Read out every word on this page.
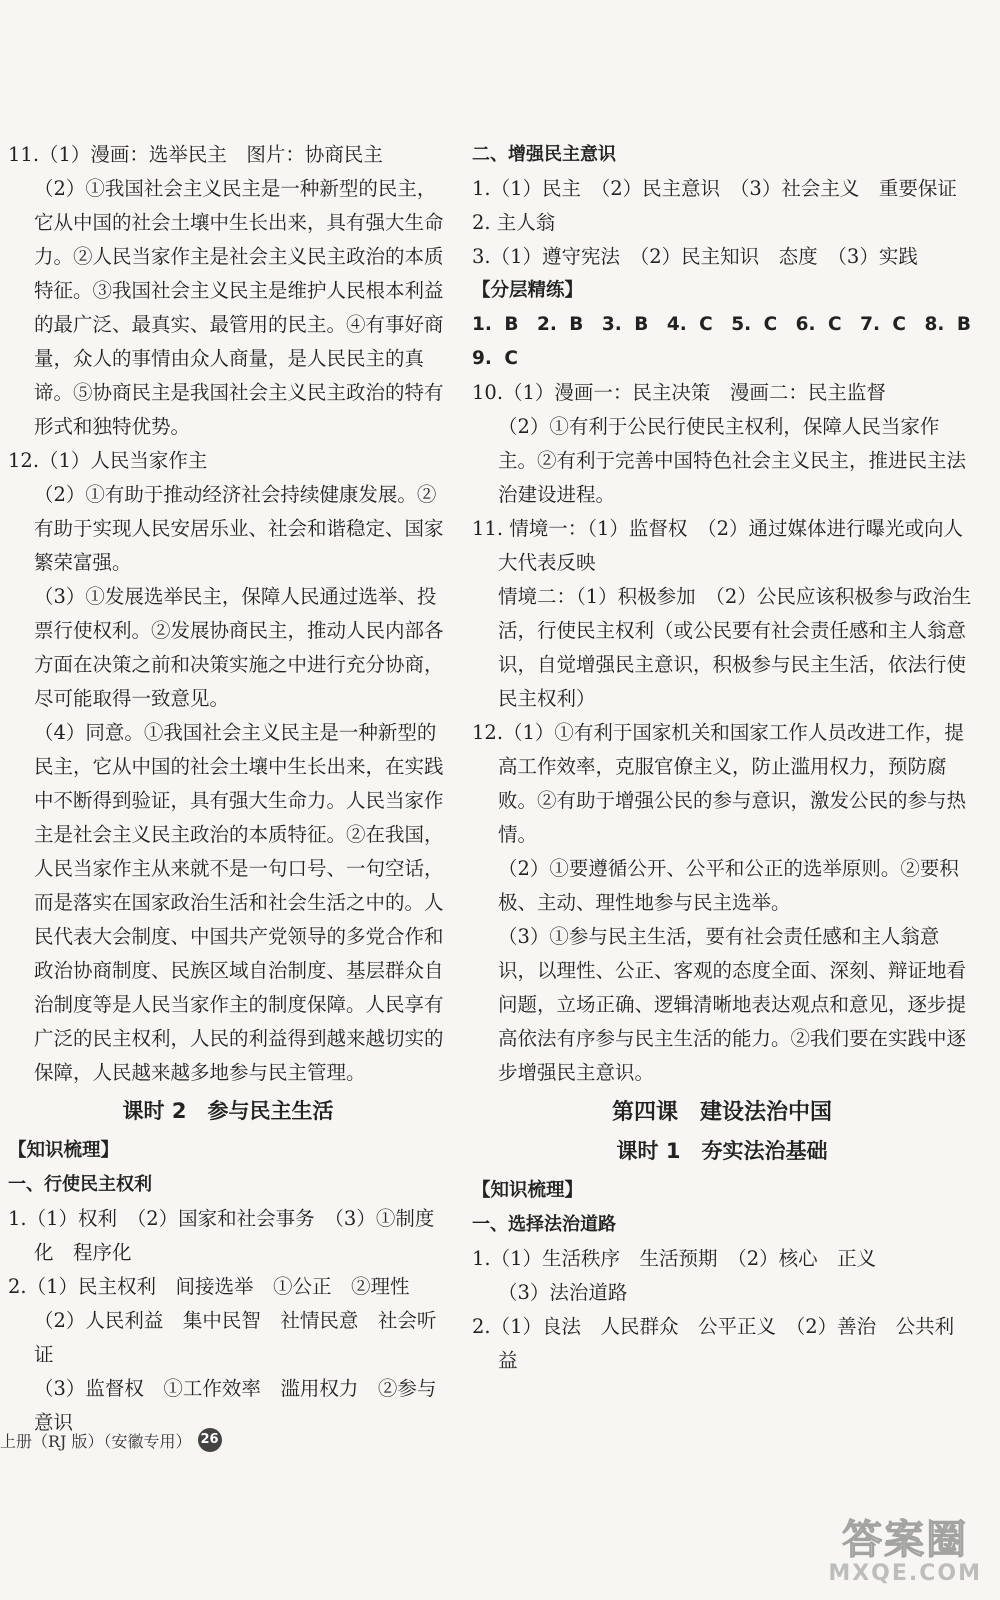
11.（1）漫画：选举民主　图片：协商民主

（2）①我国社会主义民主是一种新型的民主，它从中国的社会土壤中生长出来，具有强大生命力。②人民当家作主是社会主义民主政治的本质特征。③我国社会主义民主是维护人民根本利益的最广泛、最真实、最管用的民主。④有事好商量，众人的事情由众人商量，是人民民主的真谛。⑤协商民主是我国社会主义民主政治的特有形式和独特优势。

12.（1）人民当家作主

（2）①有助于推动经济社会持续健康发展。②有助于实现人民安居乐业、社会和谐稳定、国家繁荣富强。

（3）①发展选举民主，保障人民通过选举、投票行使权利。②发展协商民主，推动人民内部各方面在决策之前和决策实施之中进行充分协商，尽可能取得一致意见。

（4）同意。①我国社会主义民主是一种新型的民主，它从中国的社会土壤中生长出来，在实践中不断得到验证，具有强大生命力。人民当家作主是社会主义民主政治的本质特征。②在我国，人民当家作主从来就不是一句口号、一句空话，而是落实在国家政治生活和社会生活之中的。人民代表大会制度、中国共产党领导的多党合作和政治协商制度、民族区域自治制度、基层群众自治制度等是人民当家作主的制度保障。人民享有广泛的民主权利，人民的利益得到越来越切实的保障，人民越来越多地参与民主管理。

课时 2　参与民主生活

【知识梳理】

一、行使民主权利

1.（1）权利　（2）国家和社会事务　（3）①制度化　程序化

2.（1）民主权利　间接选举　①公正　②理性

（2）人民利益　集中民智　社情民意　社会听证

（3）监督权　①工作效率　滥用权力　②参与意识

二、增强民主意识

1.（1）民主　（2）民主意识　（3）社会主义　重要保证

2. 主人翁

3.（1）遵守宪法　（2）民主知识　态度　（3）实践

【分层精练】

1. B　2. B　3. B　4. C　5. C　6. C　7. C　8. B

9. C

10.（1）漫画一：民主决策　漫画二：民主监督

（2）①有利于公民行使民主权利，保障人民当家作主。②有利于完善中国特色社会主义民主，推进民主法治建设进程。

11. 情境一：（1）监督权　（2）通过媒体进行曝光或向人大代表反映

情境二：（1）积极参加　（2）公民应该积极参与政治生活，行使民主权利（或公民要有社会责任感和主人翁意识，自觉增强民主意识，积极参与民主生活，依法行使民主权利）

12.（1）①有利于国家机关和国家工作人员改进工作，提高工作效率，克服官僚主义，防止滥用权力，预防腐败。②有助于增强公民的参与意识，激发公民的参与热情。

（2）①要遵循公开、公平和公正的选举原则。②要积极、主动、理性地参与民主选举。

（3）①参与民主生活，要有社会责任感和主人翁意识，以理性、公正、客观的态度全面、深刻、辩证地看问题，立场正确、逻辑清晰地表达观点和意见，逐步提高依法有序参与民主生活的能力。②我们要在实践中逐步增强民主意识。

第四课　建设法治中国
课时 1　夯实法治基础

【知识梳理】

一、选择法治道路

1.（1）生活秩序　生活预期　（2）核心　正义

（3）法治道路

2.（1）良法　人民群众　公平正义　（2）善治　公共利益

上册（RJ 版）（安徽专用） 26
答案圈
MXQE.COM
